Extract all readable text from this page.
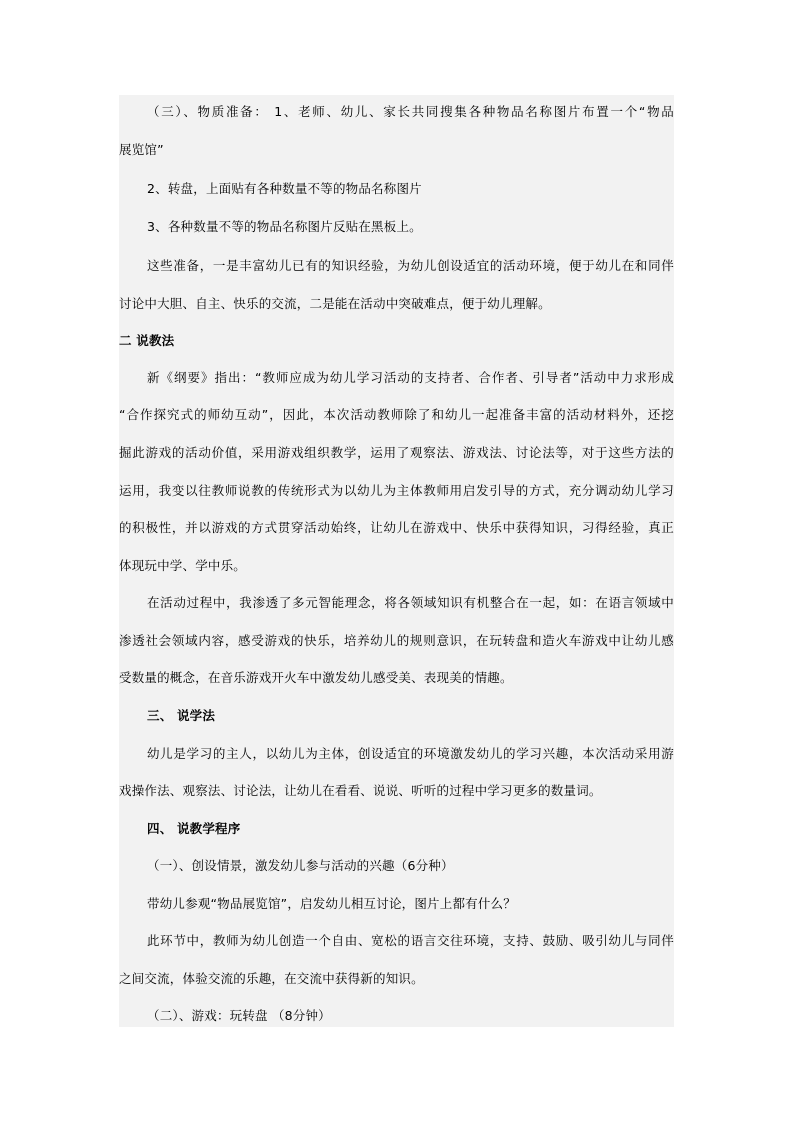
（三）、物质准备： 1、老师、幼儿、家长共同搜集各种物品名称图片布置一个“物品
展览馆”
2、转盘，上面贴有各种数量不等的物品名称图片
3、各种数量不等的物品名称图片反贴在黑板上。
这些准备，一是丰富幼儿已有的知识经验，为幼儿创设适宜的活动环境，便于幼儿在和同伴
讨论中大胆、自主、快乐的交流，二是能在活动中突破难点，便于幼儿理解。
二 说教法
新《纲要》指出：“教师应成为幼儿学习活动的支持者、合作者、引导者”活动中力求形成
“合作探究式的师幼互动”，因此，本次活动教师除了和幼儿一起准备丰富的活动材料外，还挖
掘此游戏的活动价值，采用游戏组织教学，运用了观察法、游戏法、讨论法等，对于这些方法的
运用，我变以往教师说教的传统形式为以幼儿为主体教师用启发引导的方式，充分调动幼儿学习
的积极性，并以游戏的方式贯穿活动始终，让幼儿在游戏中、快乐中获得知识，习得经验，真正
体现玩中学、学中乐。
在活动过程中，我渗透了多元智能理念，将各领域知识有机整合在一起，如：在语言领域中
渗透社会领域内容，感受游戏的快乐，培养幼儿的规则意识，在玩转盘和造火车游戏中让幼儿感
受数量的概念，在音乐游戏开火车中激发幼儿感受美、表现美的情趣。
三、 说学法
幼儿是学习的主人，以幼儿为主体，创设适宜的环境激发幼儿的学习兴趣，本次活动采用游
戏操作法、观察法、讨论法，让幼儿在看看、说说、听听的过程中学习更多的数量词。
四、 说教学程序
（一）、创设情景，激发幼儿参与活动的兴趣（6分种）
带幼儿参观“物品展览馆”，启发幼儿相互讨论，图片上都有什么？
此环节中，教师为幼儿创造一个自由、宽松的语言交往环境，支持、鼓励、吸引幼儿与同伴
之间交流，体验交流的乐趣，在交流中获得新的知识。
（二）、游戏：玩转盘 （8分钟）
